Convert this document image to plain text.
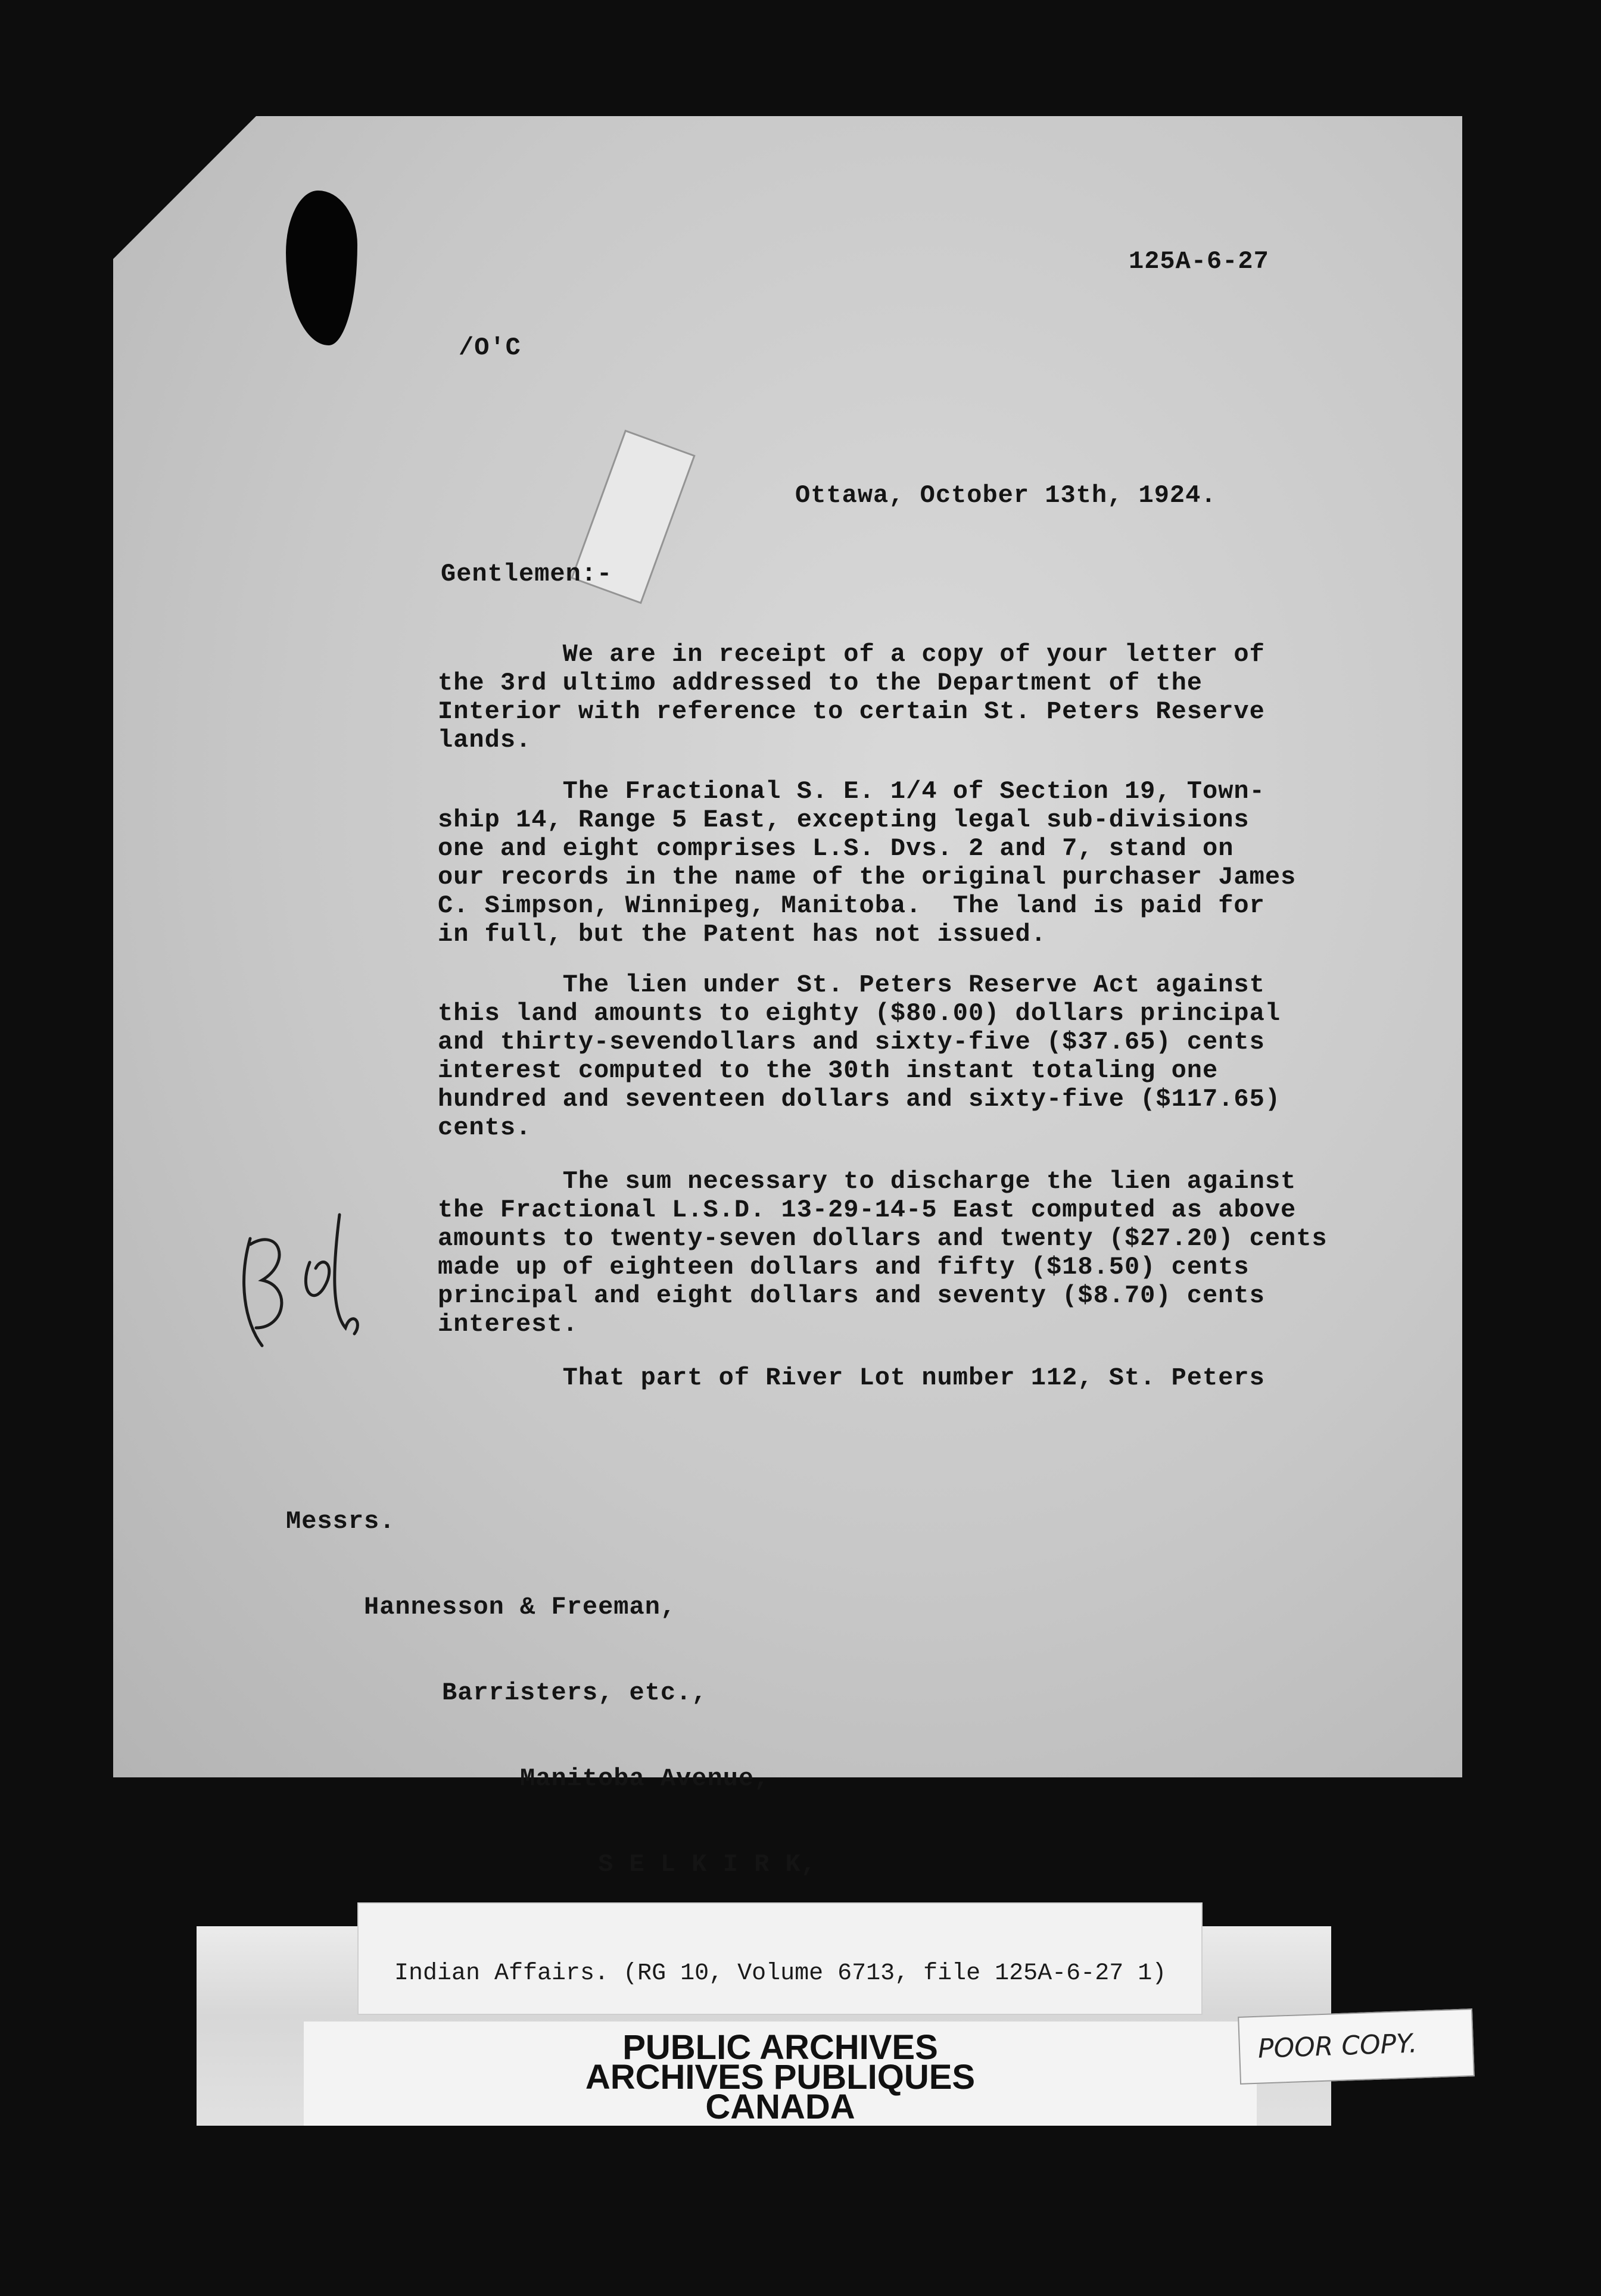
125A-6-27
/O'C
Ottawa, October 13th, 1924.
Gentlemen:-
We are in receipt of a copy of your letter of
the 3rd ultimo addressed to the Department of the
Interior with reference to certain St. Peters Reserve
lands.
The Fractional S. E. 1/4 of Section 19, Town-
ship 14, Range 5 East, excepting legal sub-divisions
one and eight comprises L.S. Dvs. 2 and 7, stand on
our records in the name of the original purchaser James
C. Simpson, Winnipeg, Manitoba.  The land is paid for
in full, but the Patent has not issued.
The lien under St. Peters Reserve Act against
this land amounts to eighty ($80.00) dollars principal
and thirty-sevendollars and sixty-five ($37.65) cents
interest computed to the 30th instant totaling one
hundred and seventeen dollars and sixty-five ($117.65)
cents.
The sum necessary to discharge the lien against
the Fractional L.S.D. 13-29-14-5 East computed as above
amounts to twenty-seven dollars and twenty ($27.20) cents
made up of eighteen dollars and fifty ($18.50) cents
principal and eight dollars and seventy ($8.70) cents
interest.
That part of River Lot number 112, St. Peters

Messrs.

Hannesson & Freeman,

Barristers, etc.,

Manitoba Avenue,

S E L K I R K,

PUBLIC ARCHIVES
ARCHIVES PUBLIQUES
CANADA
Indian Affairs. (RG 10, Volume 6713, file 125A-6-27 1)
POOR COPY.
